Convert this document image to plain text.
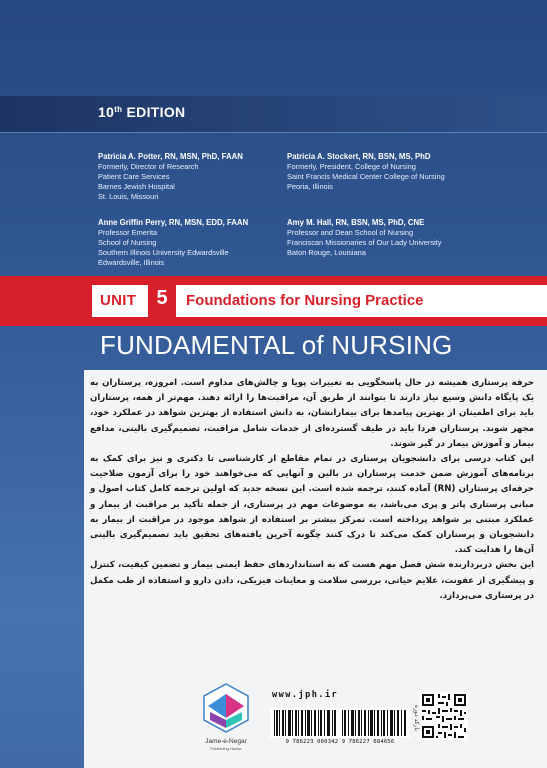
10th EDITION
Patricia A. Potter, RN, MSN, PhD, FAAN
Formerly, Director of Research
Patient Care Services
Barnes Jewish Hospital
St. Louis, Missouri
Patricia A. Stockert, RN, BSN, MS, PhD
Formerly, President, College of Nursing
Saint Francis Medical Center College of Nursing
Peoria, Illinois
Anne Griffin Perry, RN, MSN, EDD, FAAN
Professor Emerita
School of Nursing
Southern Illinois University Edwardsville
Edwardsville, Illinois
Amy M. Hall, RN, BSN, MS, PhD, CNE
Professor and Dean School of Nursing
Franciscan Missionaries of Our Lady University
Baton Rouge, Louisiana
UNIT	5	Foundations for Nursing Practice
FUNDAMENTAL of NURSING

حرفه پرستاری همیشه در حال پاسخگویی به تغییرات پویا و چالش‌های مداوم است. امروزه، پرستاران به یک پایگاه دانش وسیع نیاز دارند تا بتوانند از طریق آن، مراقبت‌ها را ارائه دهند. مهم‌تر از همه، پرستاران باید برای اطمینان از بهترین پیامدها برای بیمارانشان، به دانش استفاده از بهترین شواهد در عملکرد خود، مجهز شوند. پرستاران فردا باید در طیف گسترده‌ای از خدمات شامل مراقبت، تصمیم‌گیری بالینی، مدافع بیمار و آموزش بیمار در گیر شوند.

این کتاب درسی برای دانشجویان پرستاری در تمام مقاطع از کارشناسی تا دکتری و نیز برای کمک به برنامه‌های آموزش ضمن خدمت پرستاران در بالین و آنهایی که می‌خواهند خود را برای آزمون صلاحیت حرفه‌ای پرستاران (RN) آماده کنند، ترجمه شده است. این نسخه جدید که اولین ترجمه کامل کتاب اصول و مبانی پرستاری پاتر و پری می‌باشد، به موضوعات مهم در پرستاری، از جمله تأکید بر مراقبت از بیمار و عملکرد مبتنی بر شواهد پرداخته است. تمرکز بیشتر بر استفاده از شواهد موجود در مراقبت از بیمار به دانشجویان و پرستاران کمک می‌کند تا درک کنند چگونه آخرین یافته‌های تحقیق باید تصمیم‌گیری بالینی آن‌ها را هدایت کند.

این بخش دربردارنده شش فصل مهم هست که به استانداردهای حفظ ایمنی بیمار و تضمین کیفیت، کنترل و پیشگیری از عفونت، علایم حیاتی، بررسی سلامت و معاینات فیزیکی، دادن دارو و استفاده از طب مکمل در پرستاری می‌پردازد.

Jame-e-Negar
Publishing House
www.jph.ir
9 786223 060342 9 786227 684656
بارکد دوره
